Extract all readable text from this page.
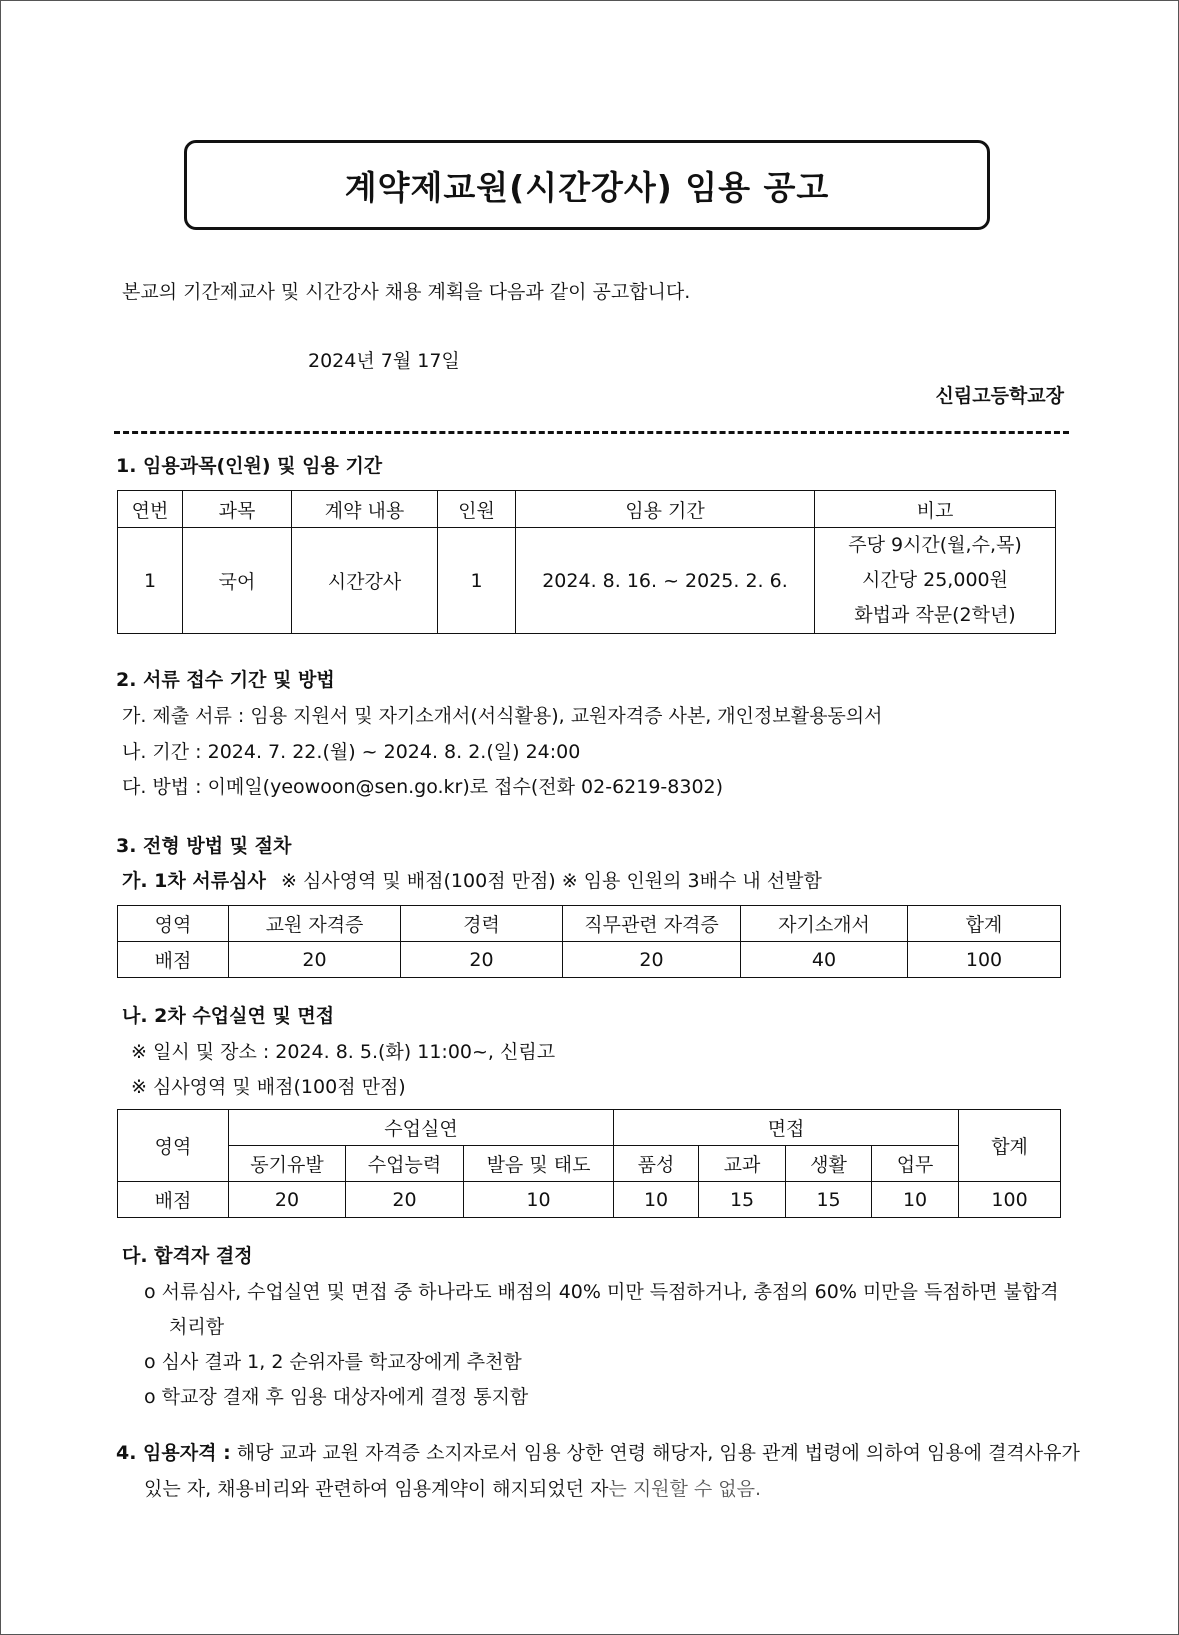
계약제교원(시간강사) 임용 공고
본교의 기간제교사 및 시간강사 채용 계획을 다음과 같이 공고합니다.
2024년 7월 17일
신림고등학교장
1. 임용과목(인원) 및 임용 기간
연번	과목	계약 내용	인원	임용 기간	비고
1	국어	시간강사	1	2024. 8. 16. ~ 2025. 2. 6.	주당 9시간(월,수,목)
시간당 25,000원
화법과 작문(2학년)
2. 서류 접수 기간 및 방법
가. 제출 서류 : 임용 지원서 및 자기소개서(서식활용), 교원자격증 사본, 개인정보활용동의서
나. 기간 : 2024. 7. 22.(월) ~ 2024. 8. 2.(일) 24:00
다. 방법 : 이메일(yeowoon@sen.go.kr)로 접수(전화 02-6219-8302)
3. 전형 방법 및 절차
가. 1차 서류심사 ※ 심사영역 및 배점(100점 만점) ※ 임용 인원의 3배수 내 선발함
영역	교원 자격증	경력	직무관련 자격증	자기소개서	합계
배점	20	20	20	40	100
나. 2차 수업실연 및 면접
※ 일시 및 장소 : 2024. 8. 5.(화) 11:00~, 신림고
※ 심사영역 및 배점(100점 만점)
영역	수업실연			면접				합계
	동기유발	수업능력	발음 및 태도	품성	교과	생활	업무	
배점	20	20	10	10	15	15	10	100
다. 합격자 결정
o 서류심사, 수업실연 및 면접 중 하나라도 배점의 40% 미만 득점하거나, 총점의 60% 미만을 득점하면 불합격
처리함
o 심사 결과 1, 2 순위자를 학교장에게 추천함
o 학교장 결재 후 임용 대상자에게 결정 통지함
4. 임용자격 : 해당 교과 교원 자격증 소지자로서 임용 상한 연령 해당자, 임용 관계 법령에 의하여 임용에 결격사유가
있는 자, 채용비리와 관련하여 임용계약이 해지되었던 자는 지원할 수 없음.
